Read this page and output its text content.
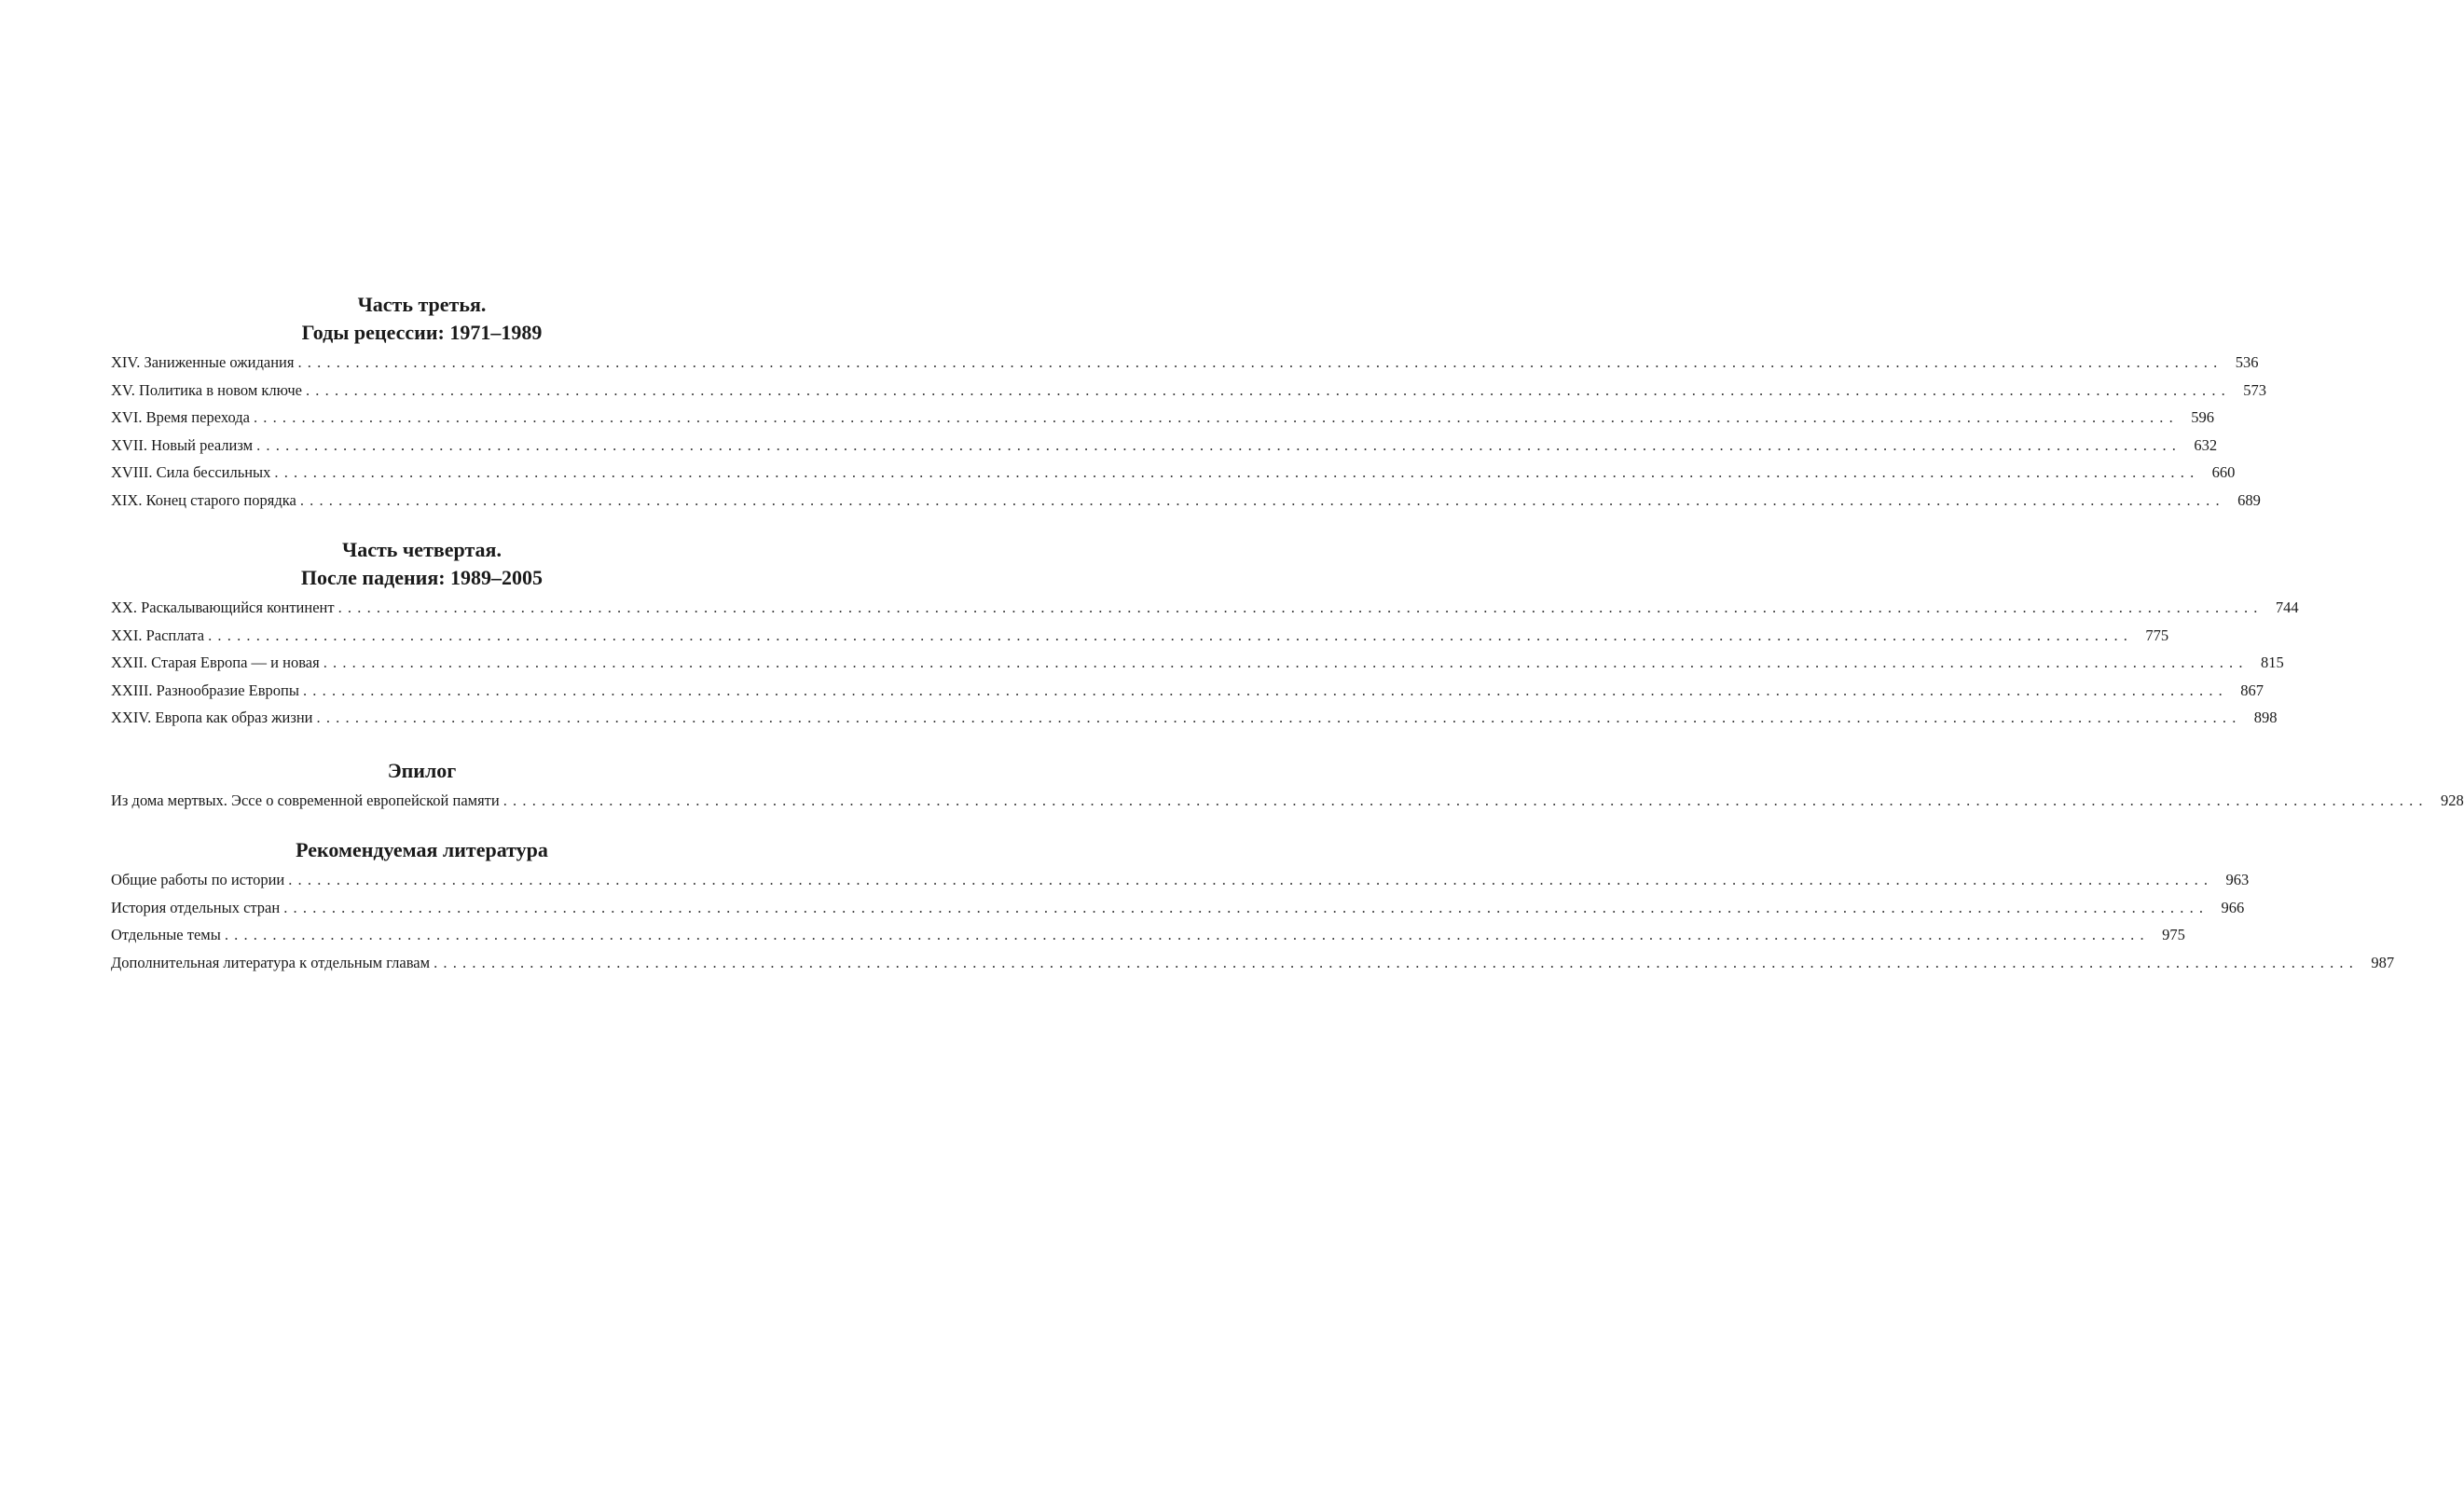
Часть третья.
Годы рецессии: 1971–1989
XIV. Заниженные ожидания ........................................................................................................................................................................................................ 536
XV. Политика в новом ключе ........................................................................................................................................................................................................ 573
XVI. Время перехода ........................................................................................................................................................................................................ 596
XVII. Новый реализм ........................................................................................................................................................................................................ 632
XVIII. Сила бессильных ........................................................................................................................................................................................................ 660
XIX. Конец старого порядка ........................................................................................................................................................................................................ 689
Часть четвертая.
После падения: 1989–2005
XX. Раскалывающийся континент ........................................................................................................................................................................................................ 744
XXI. Расплата ........................................................................................................................................................................................................ 775
XXII. Старая Европа — и новая ........................................................................................................................................................................................................ 815
XXIII. Разнообразие Европы ........................................................................................................................................................................................................ 867
XXIV. Европа как образ жизни ........................................................................................................................................................................................................ 898
Эпилог
Из дома мертвых. Эссе о современной европейской памяти ........................................................................................................................................................................................................ 928
Рекомендуемая литература
Общие работы по истории ........................................................................................................................................................................................................ 963
История отдельных стран ........................................................................................................................................................................................................ 966
Отдельные темы ........................................................................................................................................................................................................ 975
Дополнительная литература к отдельным главам ........................................................................................................................................................................................................ 987
